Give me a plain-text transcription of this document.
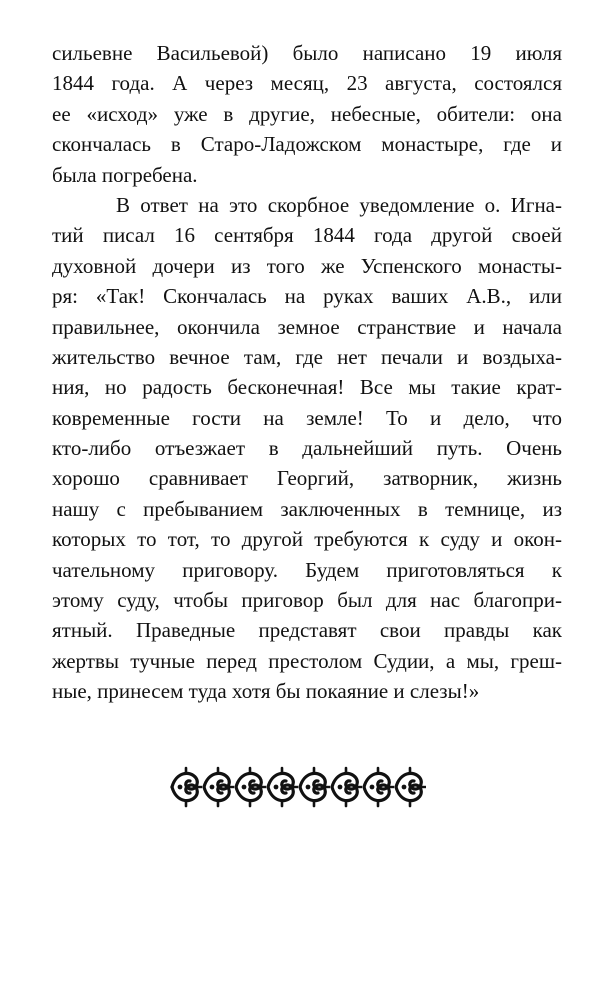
сильевне Васильевой) было написано 19 июля
1844 года. А через месяц, 23 августа, состоялся
ее «исход» уже в другие, небесные, обители: она
скончалась в Старо-Ладожском монастыре, где и
была погребена.
В ответ на это скорбное уведомление о. Игна-
тий писал 16 сентября 1844 года другой своей
духовной дочери из того же Успенского монасты-
ря: «Так! Скончалась на руках ваших А.В., или
правильнее, окончила земное странствие и начала
жительство вечное там, где нет печали и воздыха-
ния, но радость бесконечная! Все мы такие крат-
ковременные гости на земле! То и дело, что
кто-либо отъезжает в дальнейший путь. Очень
хорошо сравнивает Георгий, затворник, жизнь
нашу с пребыванием заключенных в темнице, из
которых то тот, то другой требуются к суду и окон-
чательному приговору. Будем приготовляться к
этому суду, чтобы приговор был для нас благопри-
ятный. Праведные представят свои правды как
жертвы тучные перед престолом Судии, а мы, греш-
ные, принесем туда хотя бы покаяние и слезы!»
